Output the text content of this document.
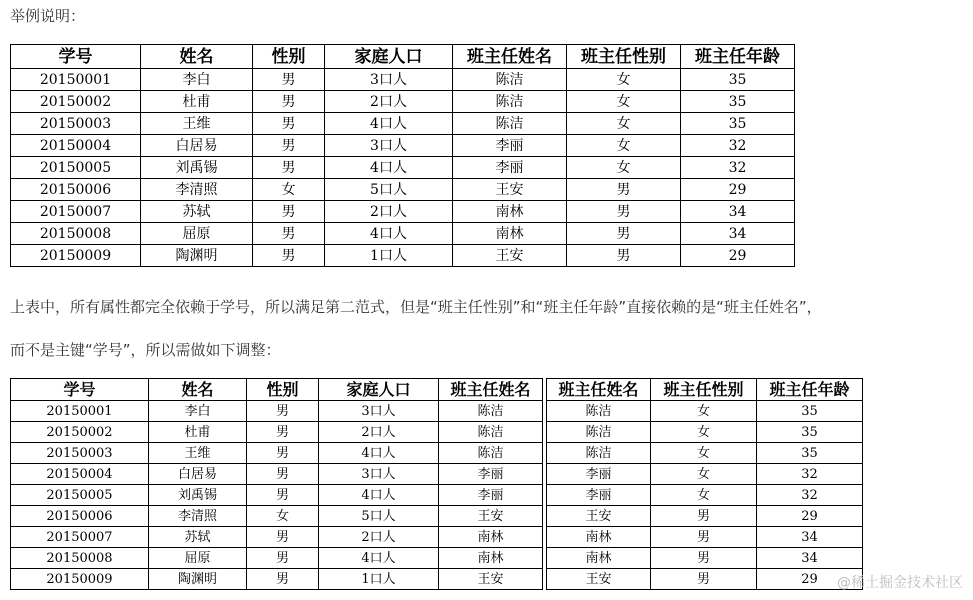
举例说明：
学号	姓名	性别	家庭人口	班主任姓名	班主任性别	班主任年龄
20150001	李白	男	3口人	陈洁	女	35
20150002	杜甫	男	2口人	陈洁	女	35
20150003	王维	男	4口人	陈洁	女	35
20150004	白居易	男	3口人	李丽	女	32
20150005	刘禹锡	男	4口人	李丽	女	32
20150006	李清照	女	5口人	王安	男	29
20150007	苏轼	男	2口人	南林	男	34
20150008	屈原	男	4口人	南林	男	34
20150009	陶渊明	男	1口人	王安	男	29
上表中，所有属性都完全依赖于学号，所以满足第二范式，但是“班主任性别”和“班主任年龄”直接依赖的是“班主任姓名”，
而不是主键“学号”，所以需做如下调整：
学号	姓名	性别	家庭人口	班主任姓名
20150001	李白	男	3口人	陈洁
20150002	杜甫	男	2口人	陈洁
20150003	王维	男	4口人	陈洁
20150004	白居易	男	3口人	李丽
20150005	刘禹锡	男	4口人	李丽
20150006	李清照	女	5口人	王安
20150007	苏轼	男	2口人	南林
20150008	屈原	男	4口人	南林
20150009	陶渊明	男	1口人	王安
班主任姓名	班主任性别	班主任年龄
陈洁	女	35
陈洁	女	35
陈洁	女	35
李丽	女	32
李丽	女	32
王安	男	29
南林	男	34
南林	男	34
王安	男	29 @稀土掘金技术社区
